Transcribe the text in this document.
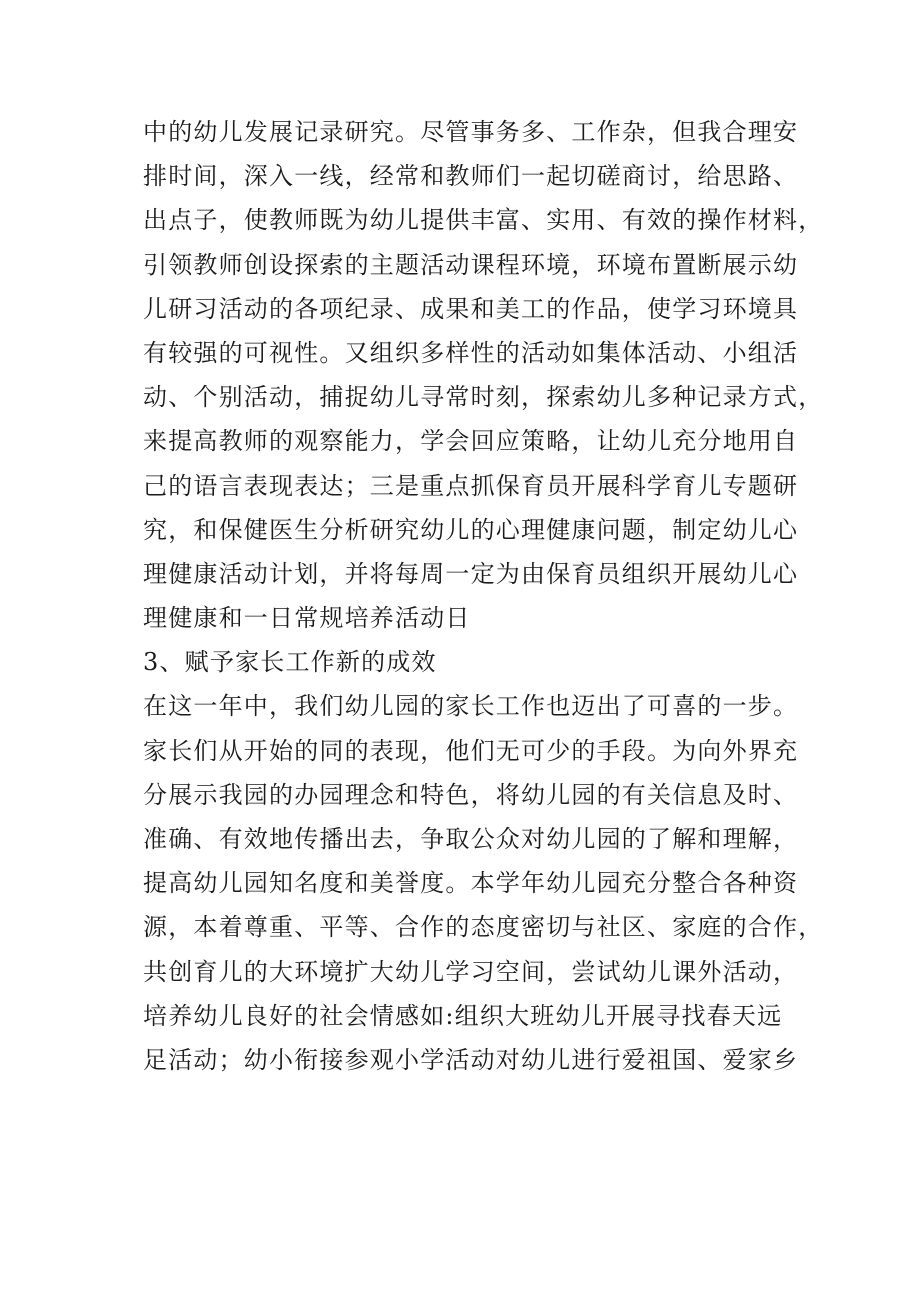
中的幼儿发展记录研究。尽管事务多、工作杂，但我合理安
排时间，深入一线，经常和教师们一起切磋商讨，给思路、
出点子，使教师既为幼儿提供丰富、实用、有效的操作材料，
引领教师创设探索的主题活动课程环境，环境布置断展示幼
儿研习活动的各项纪录、成果和美工的作品，使学习环境具
有较强的可视性。又组织多样性的活动如集体活动、小组活
动、个别活动，捕捉幼儿寻常时刻，探索幼儿多种记录方式，
来提高教师的观察能力，学会回应策略，让幼儿充分地用自
己的语言表现表达；三是重点抓保育员开展科学育儿专题研
究，和保健医生分析研究幼儿的心理健康问题，制定幼儿心
理健康活动计划，并将每周一定为由保育员组织开展幼儿心
理健康和一日常规培养活动日
3、赋予家长工作新的成效
在这一年中，我们幼儿园的家长工作也迈出了可喜的一步。
家长们从开始的同的表现，他们无可少的手段。为向外界充
分展示我园的办园理念和特色，将幼儿园的有关信息及时、
准确、有效地传播出去，争取公众对幼儿园的了解和理解，
提高幼儿园知名度和美誉度。本学年幼儿园充分整合各种资
源，本着尊重、平等、合作的态度密切与社区、家庭的合作，
共创育儿的大环境扩大幼儿学习空间，尝试幼儿课外活动，
培养幼儿良好的社会情感如:组织大班幼儿开展寻找春天远
足活动；幼小衔接参观小学活动对幼儿进行爱祖国、爱家乡
